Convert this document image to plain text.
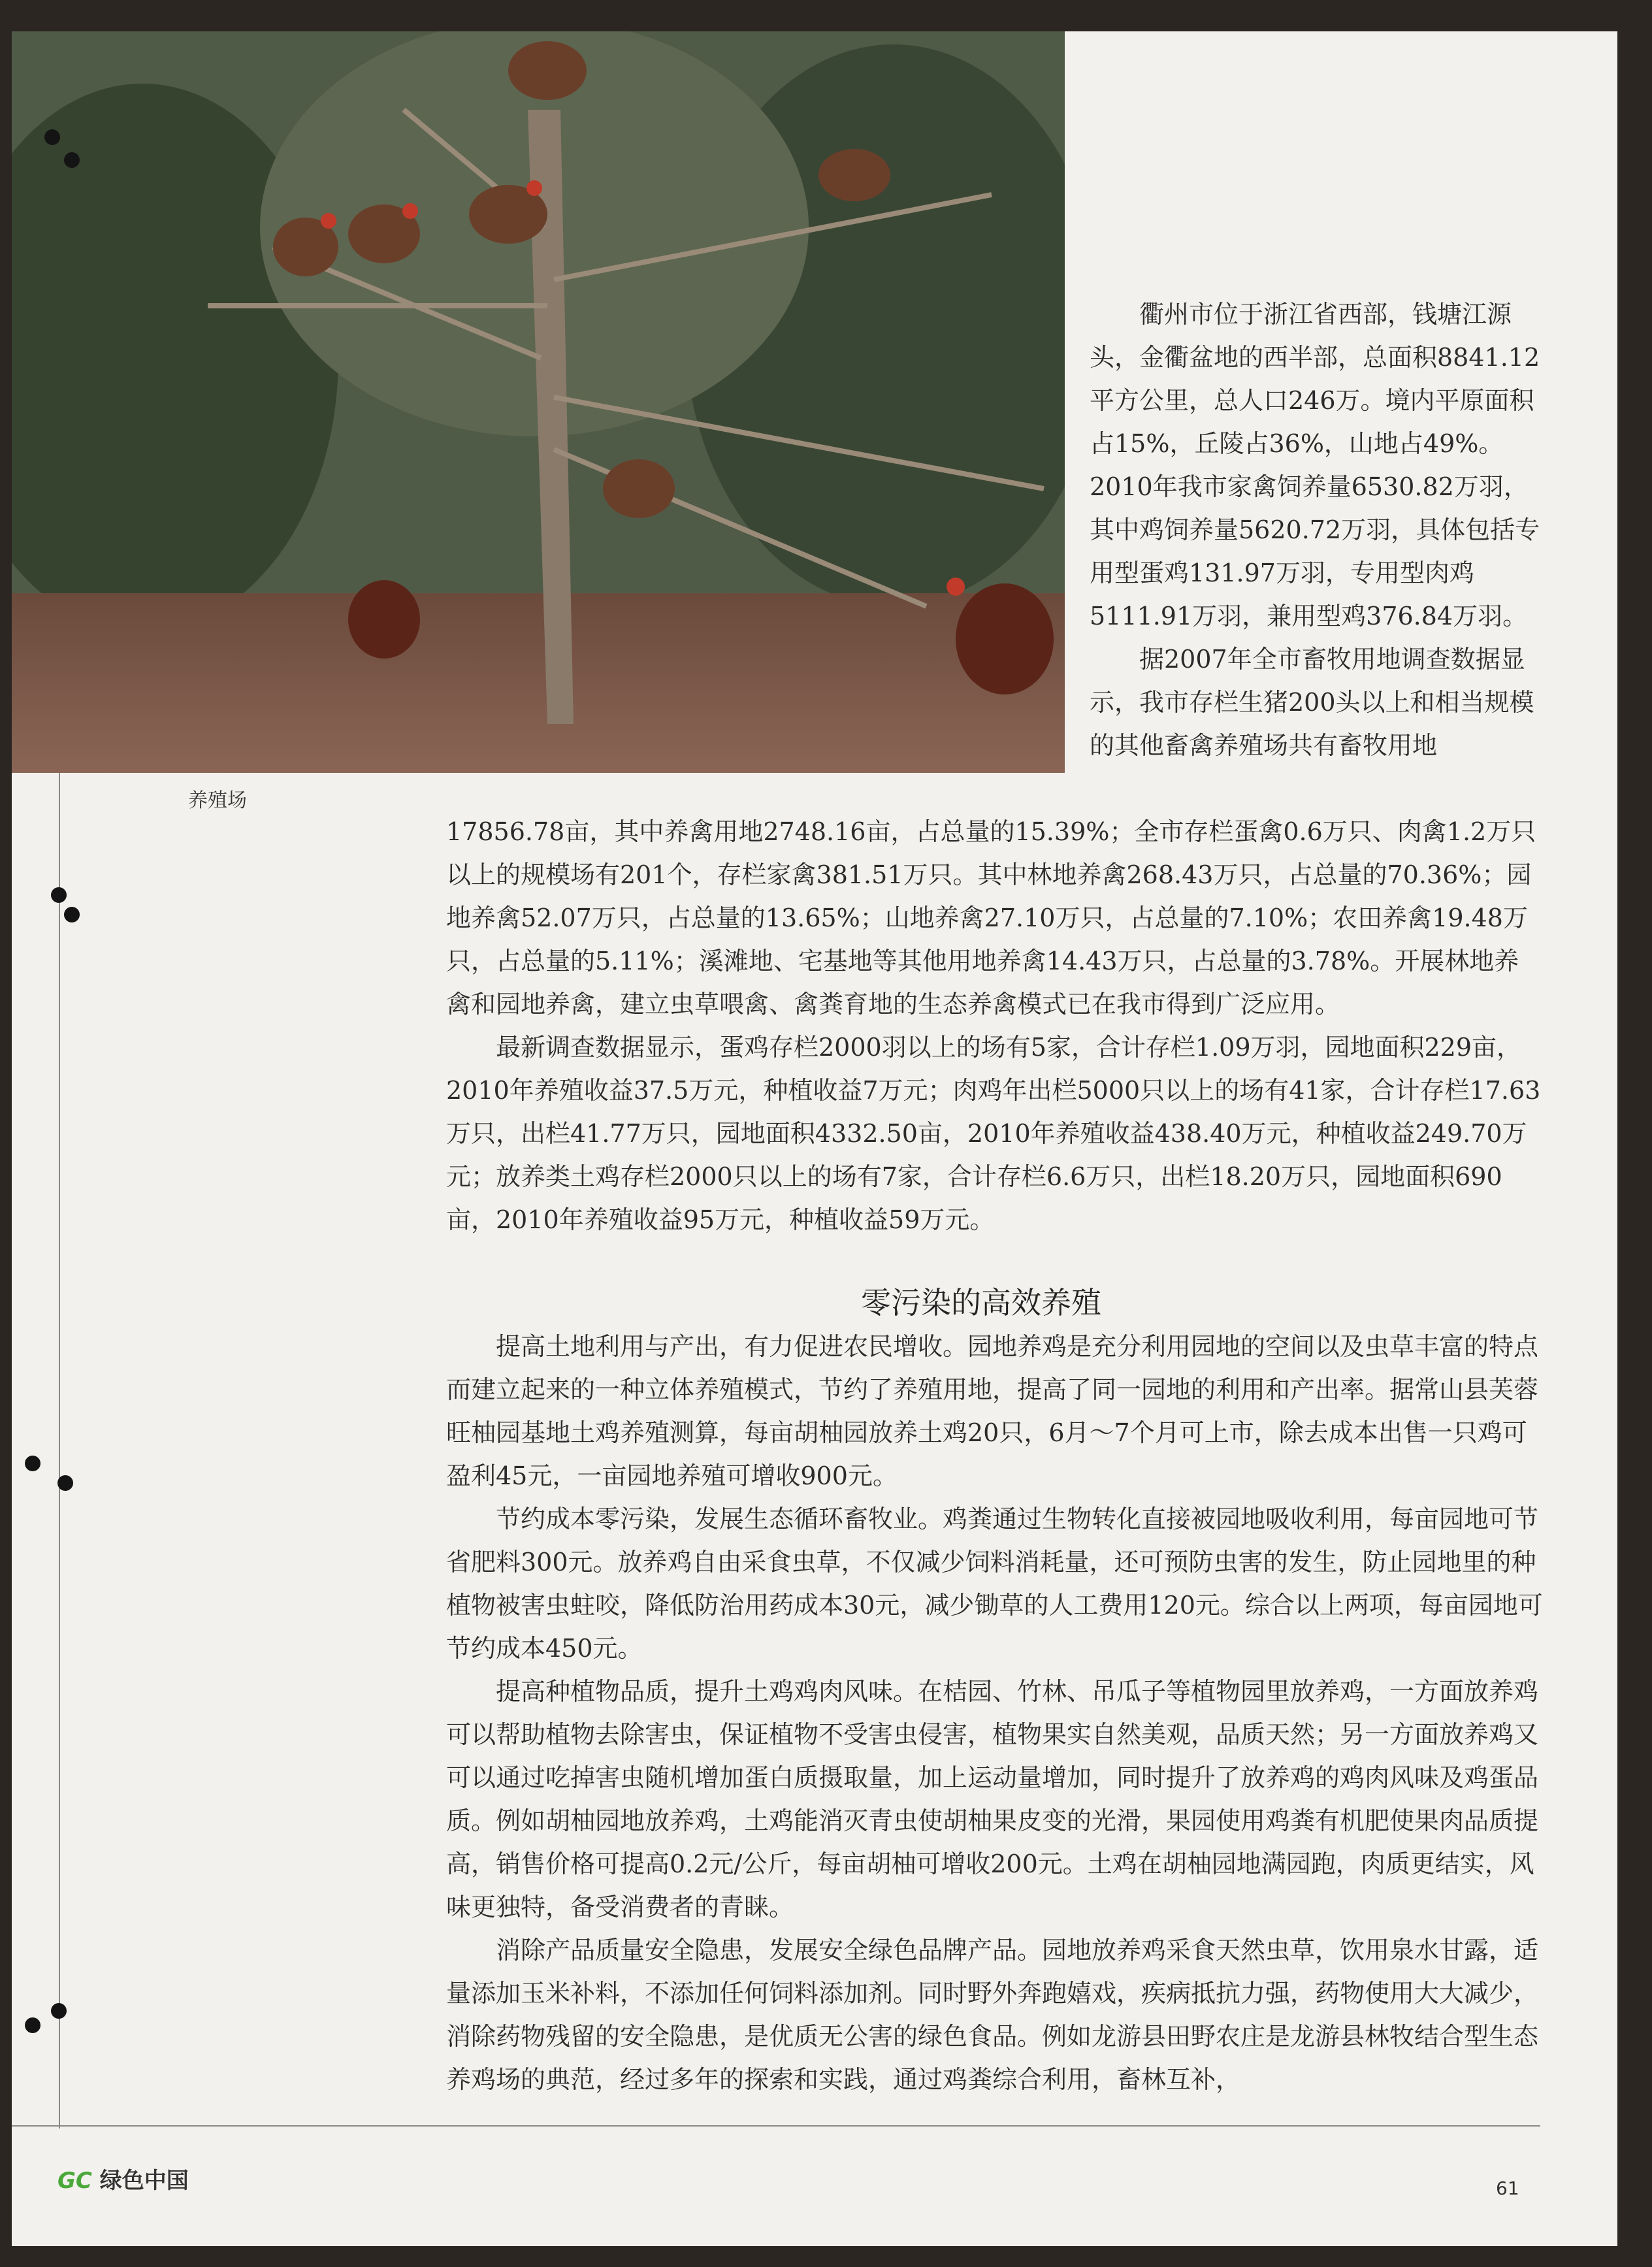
养殖场

衢州市位于浙江省西部，钱塘江源头，金衢盆地的西半部，总面积8841.12平方公里，总人口246万。境内平原面积占15%，丘陵占36%，山地占49%。2010年我市家禽饲养量6530.82万羽，其中鸡饲养量5620.72万羽，具体包括专用型蛋鸡131.97万羽，专用型肉鸡5111.91万羽，兼用型鸡376.84万羽。

据2007年全市畜牧用地调查数据显示，我市存栏生猪200头以上和相当规模的其他畜禽养殖场共有畜牧用地

17856.78亩，其中养禽用地2748.16亩，占总量的15.39%；全市存栏蛋禽0.6万只、肉禽1.2万只以上的规模场有201个，存栏家禽381.51万只。其中林地养禽268.43万只，占总量的70.36%；园地养禽52.07万只，占总量的13.65%；山地养禽27.10万只，占总量的7.10%；农田养禽19.48万只，占总量的5.11%；溪滩地、宅基地等其他用地养禽14.43万只，占总量的3.78%。开展林地养禽和园地养禽，建立虫草喂禽、禽粪育地的生态养禽模式已在我市得到广泛应用。

最新调查数据显示，蛋鸡存栏2000羽以上的场有5家，合计存栏1.09万羽，园地面积229亩，2010年养殖收益37.5万元，种植收益7万元；肉鸡年出栏5000只以上的场有41家，合计存栏17.63万只，出栏41.77万只，园地面积4332.50亩，2010年养殖收益438.40万元，种植收益249.70万元；放养类土鸡存栏2000只以上的场有7家，合计存栏6.6万只，出栏18.20万只，园地面积690亩，2010年养殖收益95万元，种植收益59万元。

零污染的高效养殖

提高土地利用与产出，有力促进农民增收。园地养鸡是充分利用园地的空间以及虫草丰富的特点而建立起来的一种立体养殖模式，节约了养殖用地，提高了同一园地的利用和产出率。据常山县芙蓉旺柚园基地土鸡养殖测算，每亩胡柚园放养土鸡20只，6月～7个月可上市，除去成本出售一只鸡可盈利45元，一亩园地养殖可增收900元。

节约成本零污染，发展生态循环畜牧业。鸡粪通过生物转化直接被园地吸收利用，每亩园地可节省肥料300元。放养鸡自由采食虫草，不仅减少饲料消耗量，还可预防虫害的发生，防止园地里的种植物被害虫蛀咬，降低防治用药成本30元，减少锄草的人工费用120元。综合以上两项，每亩园地可节约成本450元。

提高种植物品质，提升土鸡鸡肉风味。在桔园、竹林、吊瓜子等植物园里放养鸡，一方面放养鸡可以帮助植物去除害虫，保证植物不受害虫侵害，植物果实自然美观，品质天然；另一方面放养鸡又可以通过吃掉害虫随机增加蛋白质摄取量，加上运动量增加，同时提升了放养鸡的鸡肉风味及鸡蛋品质。例如胡柚园地放养鸡，土鸡能消灭青虫使胡柚果皮变的光滑，果园使用鸡粪有机肥使果肉品质提高，销售价格可提高0.2元/公斤，每亩胡柚可增收200元。土鸡在胡柚园地满园跑，肉质更结实，风味更独特，备受消费者的青睐。

消除产品质量安全隐患，发展安全绿色品牌产品。园地放养鸡采食天然虫草，饮用泉水甘露，适量添加玉米补料，不添加任何饲料添加剂。同时野外奔跑嬉戏，疾病抵抗力强，药物使用大大减少，消除药物残留的安全隐患，是优质无公害的绿色食品。例如龙游县田野农庄是龙游县林牧结合型生态养鸡场的典范，经过多年的探索和实践，通过鸡粪综合利用，畜林互补，

GC 绿色中国	61
